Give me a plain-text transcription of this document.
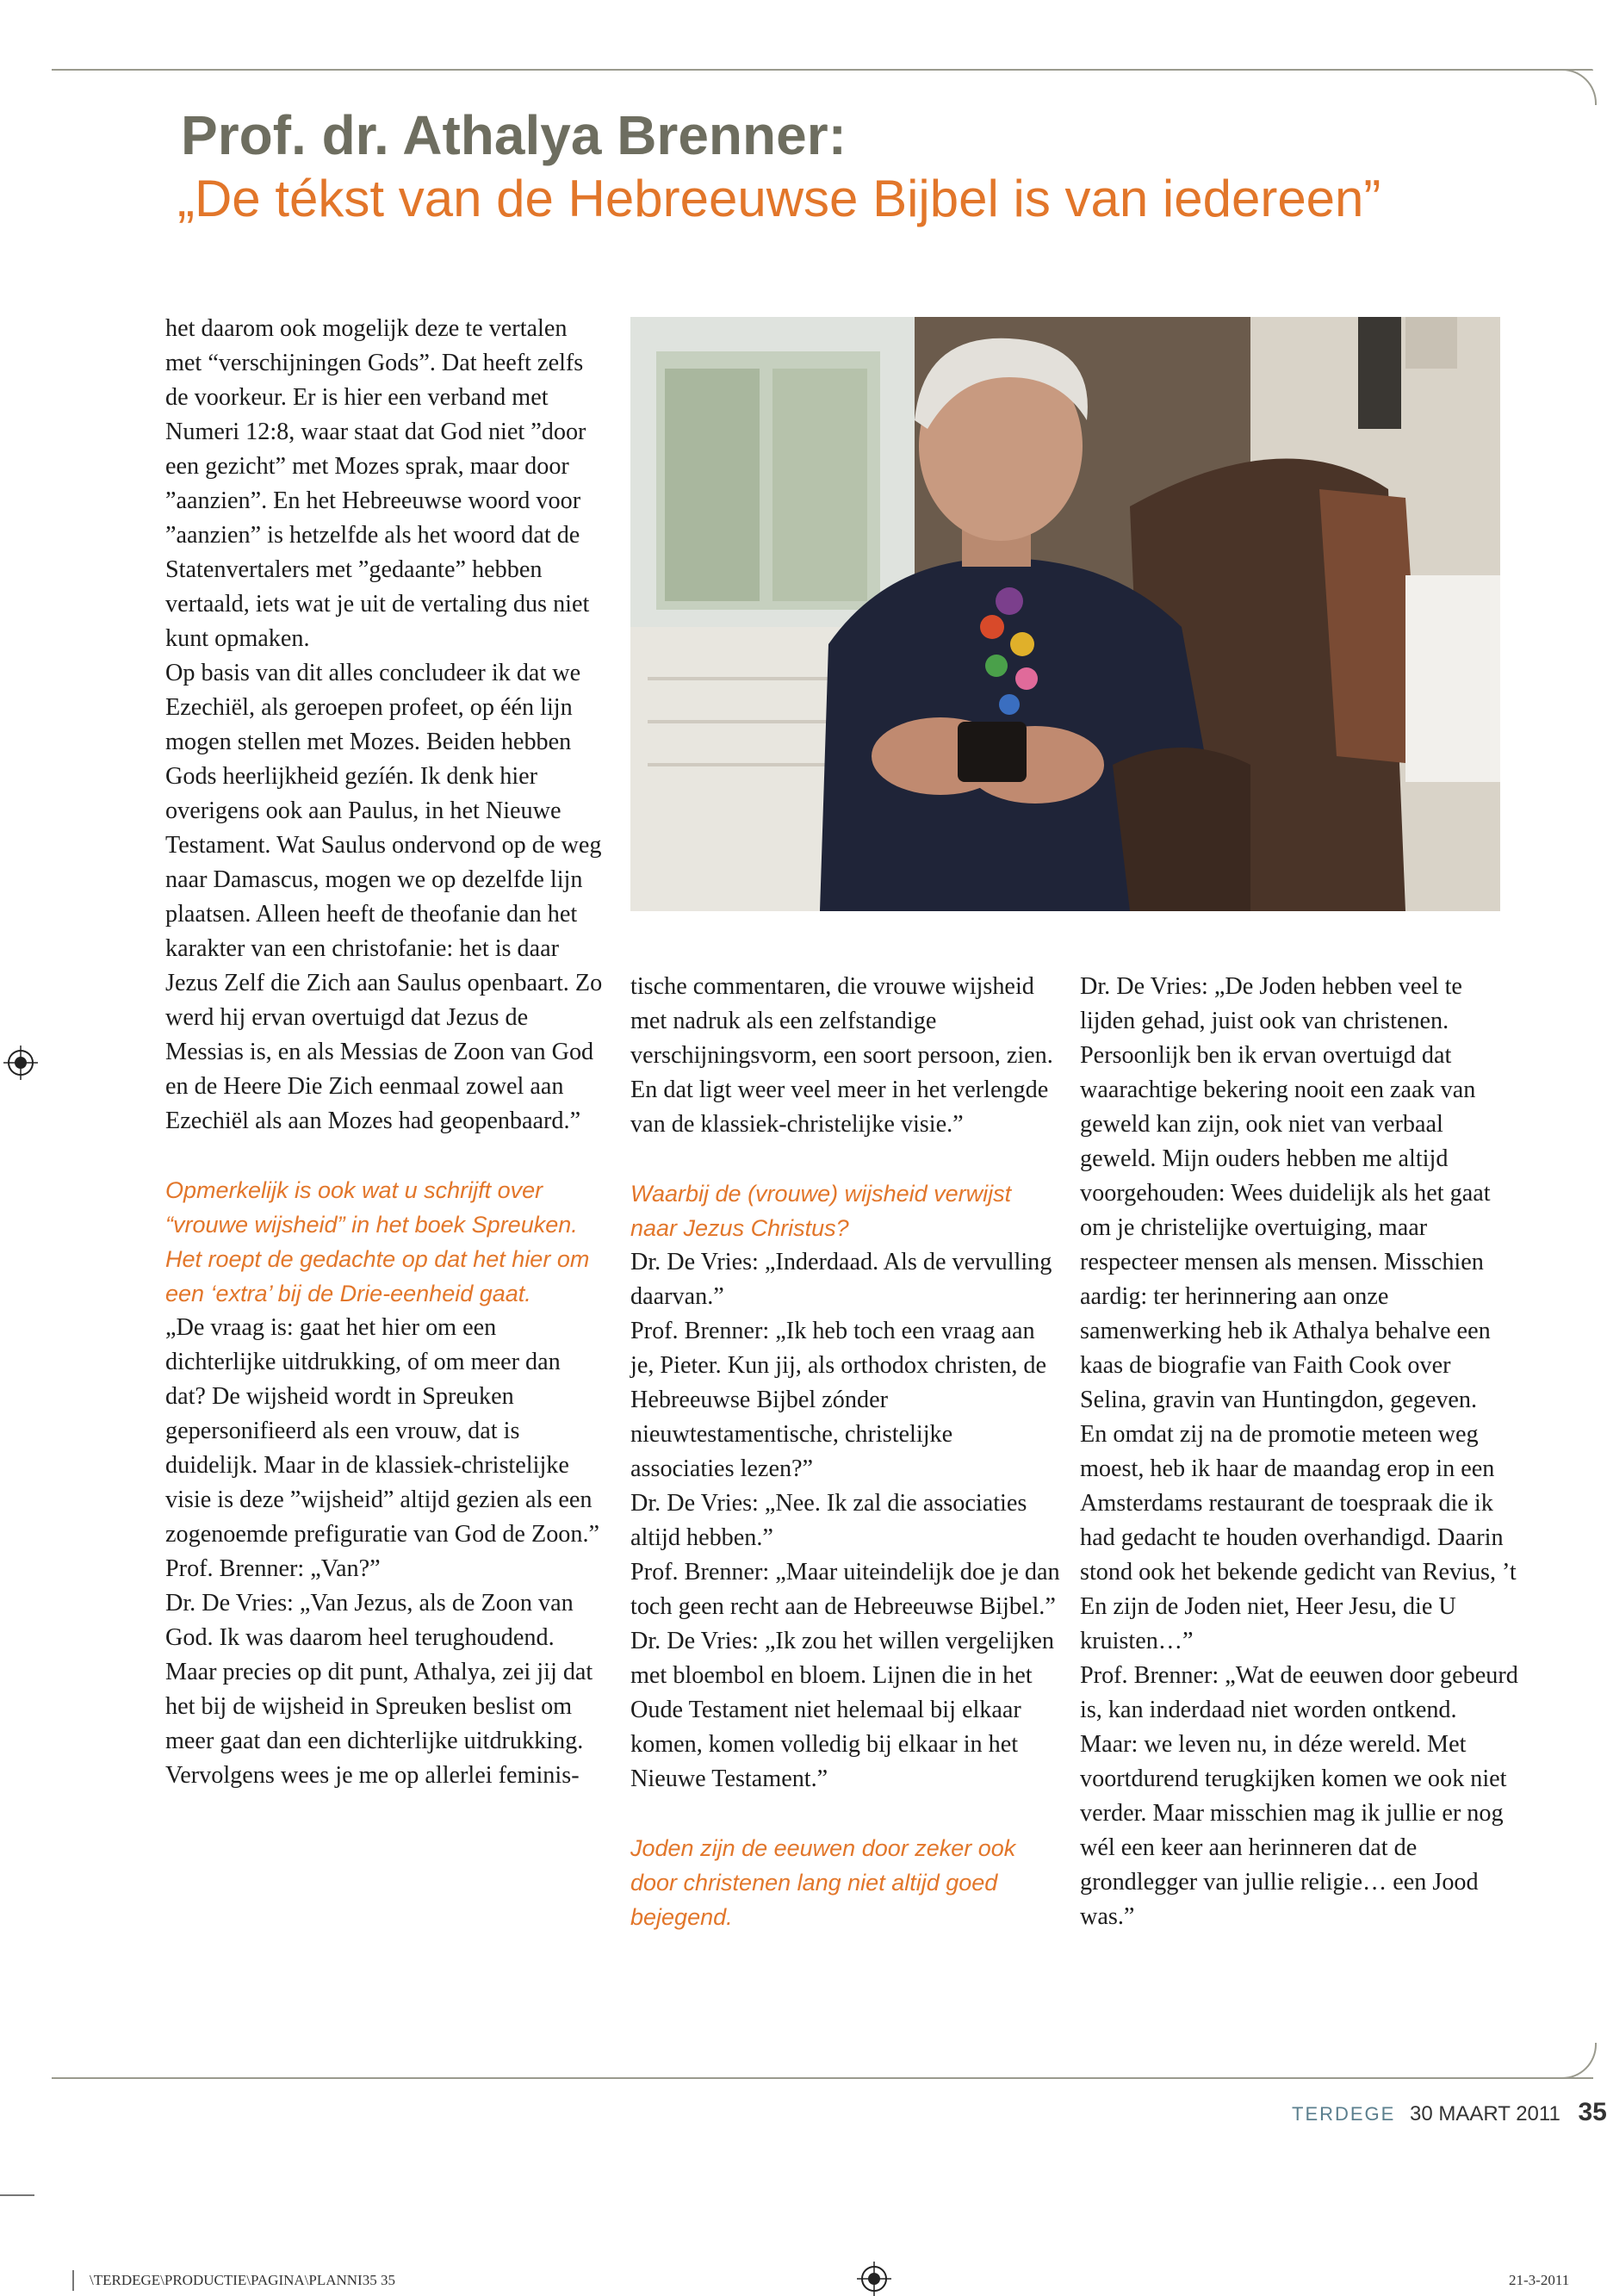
Prof. dr. Athalya Brenner:
„De tékst van de Hebreeuwse Bijbel is van iedereen”

het daarom ook mogelijk deze te vertalen met “verschijningen Gods”. Dat heeft zelfs de voorkeur. Er is hier een verband met Numeri 12:8, waar staat dat God niet ”door een gezicht” met Mozes sprak, maar door ”aanzien”. En het Hebreeuwse woord voor ”aanzien” is hetzelfde als het woord dat de Statenvertalers met ”gedaante” hebben vertaald, iets wat je uit de vertaling dus niet kunt opmaken.

Op basis van dit alles concludeer ik dat we Ezechiël, als geroepen profeet, op één lijn mogen stellen met Mozes. Beiden hebben Gods heerlijkheid gezíén. Ik denk hier overigens ook aan Paulus, in het Nieuwe Testament. Wat Saulus ondervond op de weg naar Damascus, mogen we op dezelfde lijn plaatsen. Alleen heeft de theofanie dan het karakter van een christofanie: het is daar Jezus Zelf die Zich aan Saulus openbaart. Zo werd hij ervan overtuigd dat Jezus de Messias is, en als Messias de Zoon van God en de Heere Die Zich eenmaal zowel aan Ezechiël als aan Mozes had geopenbaard.”

Opmerkelijk is ook wat u schrijft over “vrouwe wijsheid” in het boek Spreuken. Het roept de gedachte op dat het hier om een ‘extra’ bij de Drie-eenheid gaat.

„De vraag is: gaat het hier om een dichterlijke uitdrukking, of om meer dan dat? De wijsheid wordt in Spreuken gepersonifieerd als een vrouw, dat is duidelijk. Maar in de klassiek-christelijke visie is deze ”wijsheid” altijd gezien als een zogenoemde prefiguratie van God de Zoon.”

Prof. Brenner: „Van?”

Dr. De Vries: „Van Jezus, als de Zoon van God. Ik was daarom heel terughoudend. Maar precies op dit punt, Athalya, zei jij dat het bij de wijsheid in Spreuken beslist om meer gaat dan een dichterlijke uitdrukking. Vervolgens wees je me op allerlei feminis-

tische commentaren, die vrouwe wijsheid met nadruk als een zelfstandige verschijningsvorm, een soort persoon, zien. En dat ligt weer veel meer in het verlengde van de klassiek-christelijke visie.”

Waarbij de (vrouwe) wijsheid verwijst naar Jezus Christus?

Dr. De Vries: „Inderdaad. Als de vervulling daarvan.”

Prof. Brenner: „Ik heb toch een vraag aan je, Pieter. Kun jij, als orthodox christen, de Hebreeuwse Bijbel zónder nieuwtestamentische, christelijke associaties lezen?”

Dr. De Vries: „Nee. Ik zal die associaties altijd hebben.”

Prof. Brenner: „Maar uiteindelijk doe je dan toch geen recht aan de Hebreeuwse Bijbel.”

Dr. De Vries: „Ik zou het willen vergelijken met bloembol en bloem. Lijnen die in het Oude Testament niet helemaal bij elkaar komen, komen volledig bij elkaar in het Nieuwe Testament.”

Joden zijn de eeuwen door zeker ook door christenen lang niet altijd goed bejegend.

Dr. De Vries: „De Joden hebben veel te lijden gehad, juist ook van christenen. Persoonlijk ben ik ervan overtuigd dat waarachtige bekering nooit een zaak van geweld kan zijn, ook niet van verbaal geweld. Mijn ouders hebben me altijd voorgehouden: Wees duidelijk als het gaat om je christelijke overtuiging, maar respecteer mensen als mensen. Misschien aardig: ter herinnering aan onze samenwerking heb ik Athalya behalve een kaas de biografie van Faith Cook over Selina, gravin van Huntingdon, gegeven.

En omdat zij na de promotie meteen weg moest, heb ik haar de maandag erop in een Amsterdams restaurant de toespraak die ik had gedacht te houden overhandigd. Daarin stond ook het bekende gedicht van Revius, ’t En zijn de Joden niet, Heer Jesu, die U kruisten…”

Prof. Brenner: „Wat de eeuwen door gebeurd is, kan inderdaad niet worden ontkend. Maar: we leven nu, in déze wereld. Met voortdurend terugkijken komen we ook niet verder. Maar misschien mag ik jullie er nog wél een keer aan herinneren dat de grondlegger van jullie religie… een Jood was.”

TERDEGE 30 MAART 2011 35
\TERDEGE\PRODUCTIE\PAGINA\PLANNI35 35	21-3-2011
